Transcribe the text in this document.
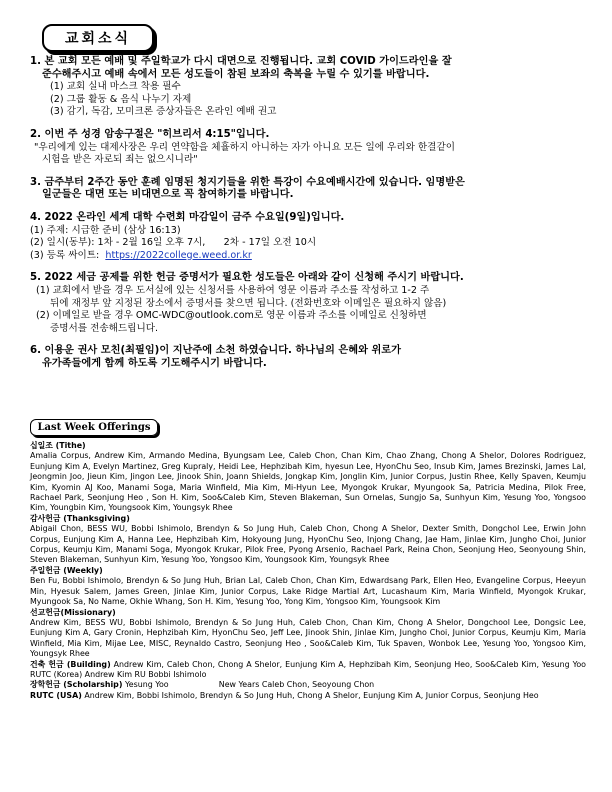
교회소식
1. 본 교회 모든 예배 및 주일학교가 다시 대면으로 진행됩니다. 교회 COVID 가이드라인을 잘
준수해주시고 예배 속에서 모든 성도들이 참된 보좌의 축복을 누릴 수 있기를 바랍니다.
(1) 교회 실내 마스크 착용 필수
(2) 그룹 활동 & 음식 나누기 자제
(3) 감기, 독감, 모미크론 증상자들은 온라인 예배 권고
2. 이번 주 성경 암송구절은 "히브리서 4:15"입니다.
"우리에게 있는 대제사장은 우리 연약함을 체휼하지 아니하는 자가 아니요 모든 일에 우리와 한결같이
시험을 받은 자로되 죄는 없으시니라"
3. 금주부터 2주간 동안 훈례 임명된 청지기들을 위한 특강이 수요예배시간에 있습니다. 임명받은
일군들은 대면 또는 비대면으로 꼭 참여하기를 바랍니다.
4. 2022 온라인 세계 대학 수련회 마감일이 금주 수요일(9일)입니다.
(1) 주제: 시급한 준비 (삼상 16:13)
(2) 일시(동부): 1차 - 2월 16일 오후 7시,      2차 - 17일 오전 10시
(3) 등록 싸이트:  https://2022college.weed.or.kr
5. 2022 세금 공제를 위한 헌금 증명서가 필요한 성도들은 아래와 같이 신청해 주시기 바랍니다.
(1) 교회에서 받을 경우 도서실에 있는 신청서를 사용하여 영문 이름과 주소를 작성하고 1-2 주
뒤에 재정부 앞 지정된 장소에서 증명서를 찾으면 됩니다. (전화번호와 이메일은 필요하지 않음)
(2) 이메일로 받을 경우 OMC-WDC@outlook.com로 영문 이름과 주소를 이메일로 신청하면
증명서를 전송해드립니다.
6. 이용운 권사 모친(최필임)이 지난주에 소천 하였습니다. 하나님의 은혜와 위로가
유가족들에게 함께 하도록 기도해주시기 바랍니다.
Last Week Offerings
십일조 (Tithe)
Amalia Corpus, Andrew Kim, Armando Medina, Byungsam Lee, Caleb Chon, Chan Kim, Chao Zhang, Chong A Shelor, Dolores Rodriguez, Eunjung Kim A, Evelyn Martinez, Greg Kupraly, Heidi Lee, Hephzibah Kim, hyesun Lee, HyonChu Seo, Insub Kim, James Brezinski, James Lal, Jeongmin Joo, Jieun Kim, Jingon Lee, Jinook Shin, Joann Shields, Jongkap Kim, Jonglin Kim, Junior Corpus, Justin Rhee, Kelly Spaven, Keumju Kim, Kyomin AJ Koo, Manami Soga, Maria Winfield, Mia Kim, Mi-Hyun Lee, Myongok Krukar, Myungook Sa, Patricia Medina, Pilok Free, Rachael Park, Seonjung Heo , Son H. Kim, Soo&Caleb Kim, Steven Blakeman, Sun Ornelas, Sungjo Sa, Sunhyun Kim, Yesung Yoo, Yongsoo Kim, Youngbin Kim, Youngsook Kim, Youngsyk Rhee
감사헌금 (Thanksgiving)
Abigail Chon, BESS WU, Bobbi Ishimolo, Brendyn & So Jung Huh, Caleb Chon, Chong A Shelor, Dexter Smith, Dongchol Lee, Erwin John Corpus, Eunjung Kim A, Hanna Lee, Hephzibah Kim, Hokyoung Jung, HyonChu Seo, Injong Chang, Jae Ham, Jinlae Kim, Jungho Choi, Junior Corpus, Keumju Kim, Manami Soga, Myongok Krukar, Pilok Free, Pyong Arsenio, Rachael Park, Reina Chon, Seonjung Heo, Seonyoung Shin, Steven Blakeman, Sunhyun Kim, Yesung Yoo, Yongsoo Kim, Youngsook Kim, Youngsyk Rhee
주일헌금 (Weekly)
Ben Fu, Bobbi Ishimolo, Brendyn & So Jung Huh, Brian Lal, Caleb Chon, Chan Kim, Edwardsang Park, Ellen Heo, Evangeline Corpus, Heeyun Min, Hyesuk Salem, James Green, Jinlae Kim, Junior Corpus, Lake Ridge Martial Art, Lucashaum Kim, Maria Winfield, Myongok Krukar, Myungook Sa, No Name, Okhie Whang, Son H. Kim, Yesung Yoo, Yong Kim, Yongsoo Kim, Youngsook Kim
선교헌금(Missionary)
Andrew Kim, BESS WU, Bobbi Ishimolo, Brendyn & So Jung Huh, Caleb Chon, Chan Kim, Chong A Shelor, Dongchool Lee, Dongsic Lee, Eunjung Kim A, Gary Cronin, Hephzibah Kim, HyonChu Seo, Jeff Lee, Jinook Shin, Jinlae Kim, Jungho Choi, Junior Corpus, Keumju Kim, Maria Winfield, Mia Kim, Mijae Lee, MISC, Reynaldo Castro, Seonjung Heo , Soo&Caleb Kim, Tuk Spaven, Wonbok Lee, Yesung Yoo, Yongsoo Kim, Youngsyk Rhee
건축 헌금 (Building) Andrew Kim, Caleb Chon, Chong A Shelor, Eunjung Kim A, Hephzibah Kim, Seonjung Heo, Soo&Caleb Kim, Yesung Yoo        RUTC (Korea) Andrew Kim RU Bobbi Ishimolo
장학헌금 (Scholarship) Yesung Yoo                    New Years Caleb Chon, Seoyoung Chon
RUTC (USA) Andrew Kim, Bobbi Ishimolo, Brendyn & So Jung Huh, Chong A Shelor, Eunjung Kim A, Junior Corpus, Seonjung Heo
